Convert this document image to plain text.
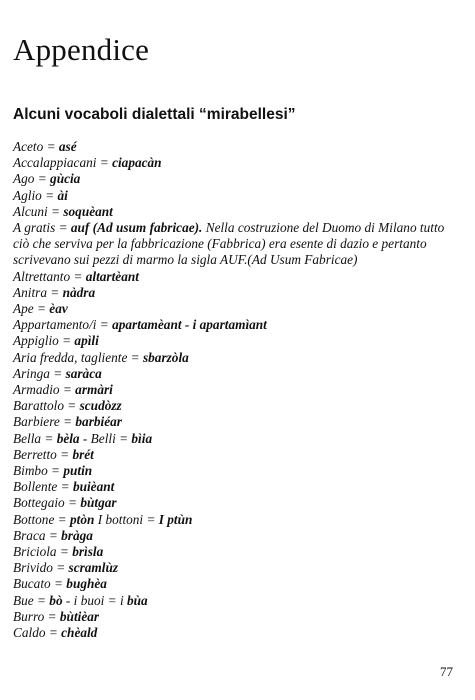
Appendice
Alcuni vocaboli dialettali “mirabellesi”
Aceto = asé
Accalappiacani = ciapacàn
Ago = gùcia
Aglio = ài
Alcuni = soquèant
A gratis = auf (Ad usum fabricae). Nella costruzione del Duomo di Milano tutto ciò che serviva per la fabbricazione (Fabbrica) era esente di dazio e pertanto scrivevano sui pezzi di marmo la sigla AUF.(Ad Usum Fabricae)
Altrettanto = altartèant
Anitra = nàdra
Ape = èav
Appartamento/i = apartamèant - i apartamìant
Appiglio = apìli
Aria fredda, tagliente = sbarzòla
Aringa = saràca
Armadio = armàri
Barattolo = scudòzz
Barbiere = barbiéar
Bella = bèla - Belli = bìia
Berretto = brét
Bimbo = putin
Bollente = buièant
Bottegaio = bùtgar
Bottone = ptòn I bottoni = I ptùn
Braca = bràga
Briciola = brìsla
Brivido = scramlùz
Bucato = bughèa
Bue = bò - i buoi = i bùa
Burro = bùtièar
Caldo = chèald
77
